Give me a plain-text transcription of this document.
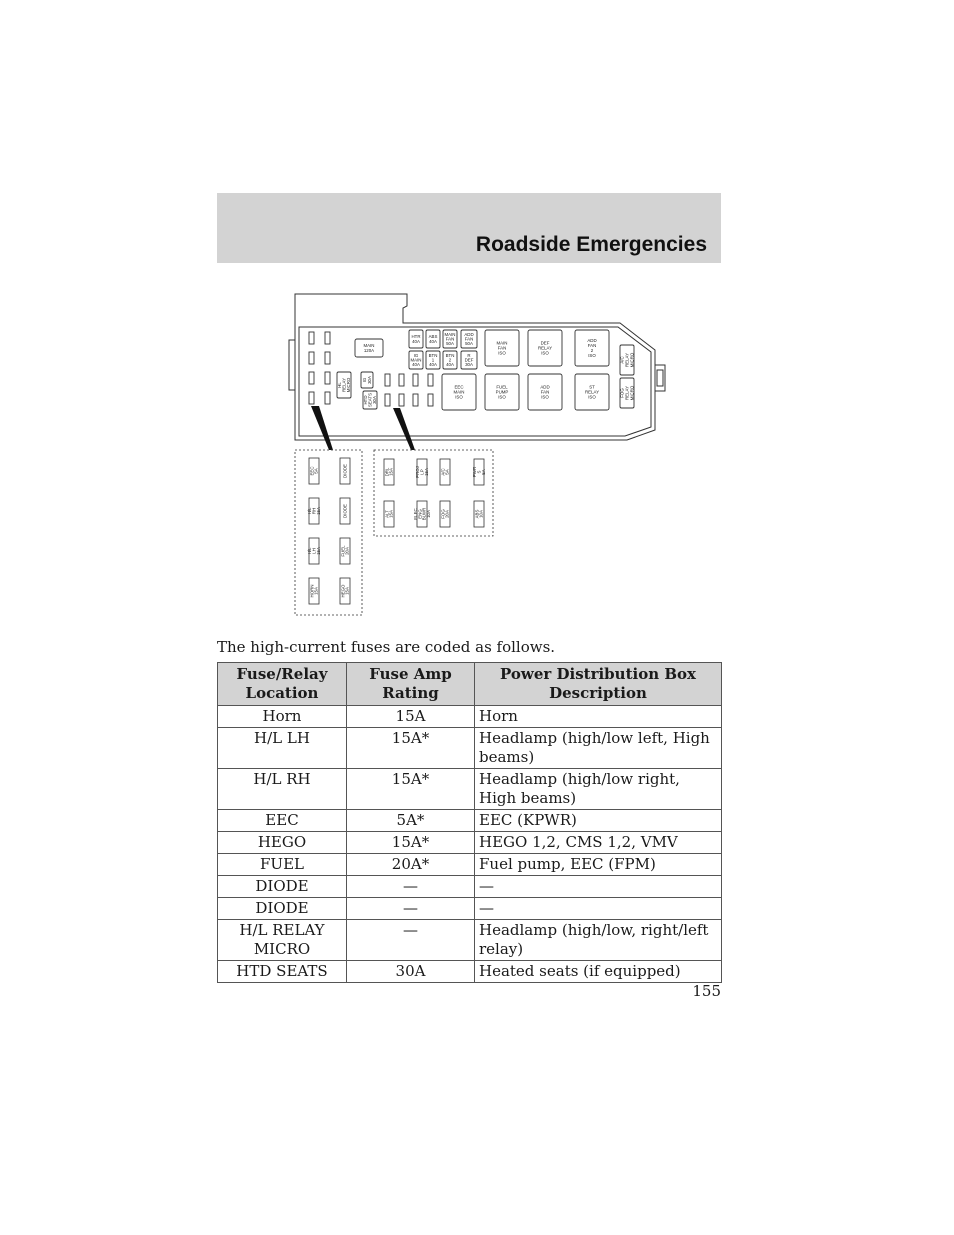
Roadside Emergencies
MAIN 120A
HTR 40A
ABS 40A
MAIN FAN 50A
ADD FAN 50A
IG MAIN 40A
BTN 1 40A
BTN 2 40A
R DEF 30A
HLRELAYMICRO	IG30A
HTDSEATS30A
MAIN FAN ISO
DEF RELAY ISO
ADD FAN 2 ISO
EEC MAIN ISO
FUEL PUMP ISO
ADD FAN ISO
ST RELAY ISO
A/CRELAYMICRO
FOGRELAYMICRO
EEC5A	DIODE
H/LRH15A	DIODE
H/LLH15A	FUEL20A
HORN15A	HEGO15A
DRL15A	PROJLP15A	A/C5A	PWRS5A
ALT15A	ELECENGBLWR10A FOG20A	ABS10A
The high-current fuses are coded as follows.
Fuse/Relay Location	Fuse Amp Rating	Power Distribution Box Description
Horn	15A	Horn
H/L LH	15A*	Headlamp (high/low left, High beams)
H/L RH	15A*	Headlamp (high/low right, High beams)
EEC	5A*	EEC (KPWR)
HEGO	15A*	HEGO 1,2, CMS 1,2, VMV
FUEL	20A*	Fuel pump, EEC (FPM)
DIODE	—	—
DIODE	—	—
H/L RELAY MICRO	—	Headlamp (high/low, right/left relay)
HTD SEATS	30A	Heated seats (if equipped)
155
